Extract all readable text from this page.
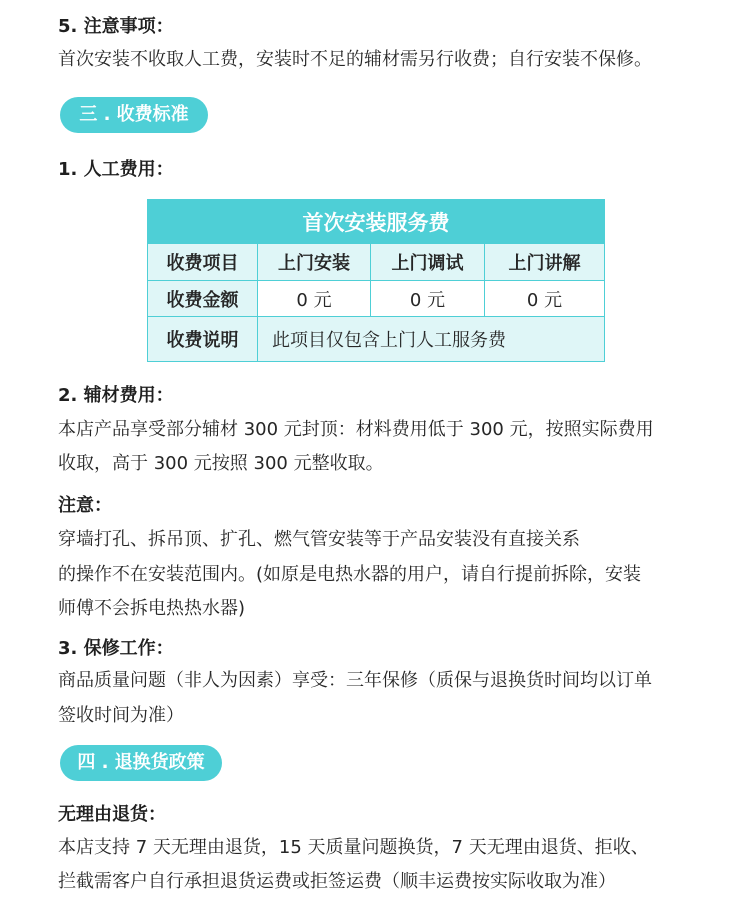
5. 注意事项：
首次安装不收取人工费，安装时不足的辅材需另行收费；自行安装不保修。
三 . 收费标准
1. 人工费用：
首次安装服务费			
收费项目	上门安装	上门调试	上门讲解
收费金额	0 元	0 元	0 元
收费说明	此项目仅包含上门人工服务费		
2. 辅材费用：
本店产品享受部分辅材 300 元封顶：材料费用低于 300 元，按照实际费用
收取，高于 300 元按照 300 元整收取。
注意：
穿墙打孔、拆吊顶、扩孔、燃气管安装等于产品安装没有直接关系
的操作不在安装范围内。(如原是电热水器的用户，请自行提前拆除，安装
师傅不会拆电热热水器)
3. 保修工作：
商品质量问题（非人为因素）享受：三年保修（质保与退换货时间均以订单
签收时间为准）
四 . 退换货政策
无理由退货：
本店支持 7 天无理由退货，15 天质量问题换货，7 天无理由退货、拒收、
拦截需客户自行承担退货运费或拒签运费（顺丰运费按实际收取为准）
